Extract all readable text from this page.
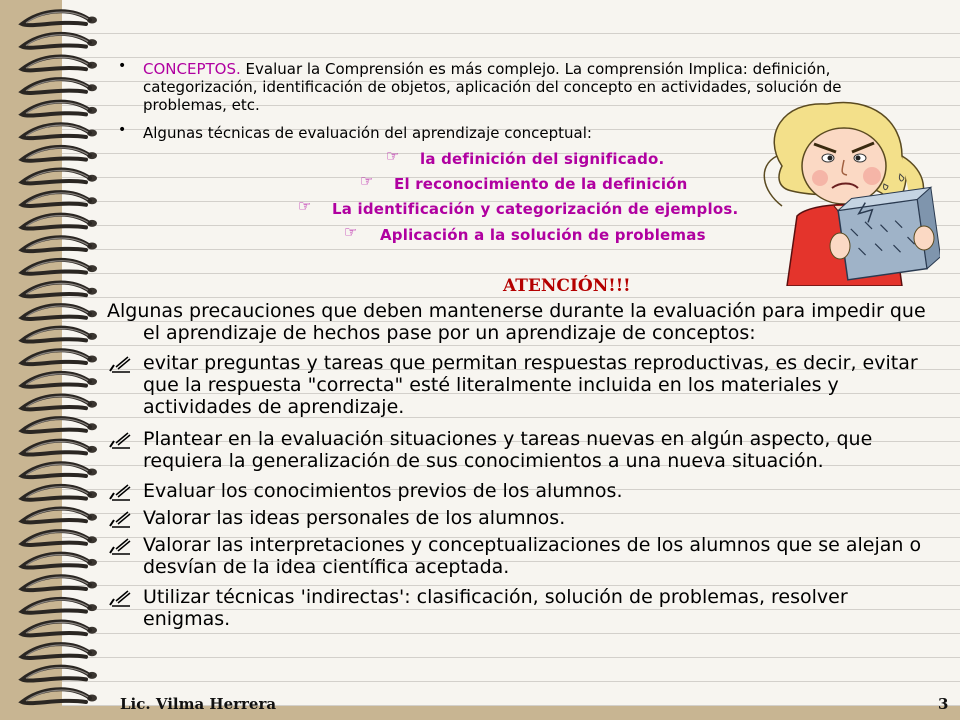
• CONCEPTOS. Evaluar la Comprensión es más complejo. La comprensión Implica: definición,
categorización, identificación de objetos, aplicación del concepto en actividades, solución de
problemas, etc.
• Algunas técnicas de evaluación del aprendizaje conceptual:
☞ la definición del significado.
☞ El reconocimiento de la definición
☞ La identificación y categorización de ejemplos.
☞ Aplicación a la solución de problemas
ATENCIÓN!!!
Algunas precauciones que deben mantenerse durante la evaluación para impedir que
el aprendizaje de hechos pase por un aprendizaje de conceptos:
evitar preguntas y tareas que permitan respuestas reproductivas, es decir, evitar
que la respuesta "correcta" esté literalmente incluida en los materiales y
actividades de aprendizaje.
Plantear en la evaluación situaciones y tareas nuevas en algún aspecto, que
requiera la generalización de sus conocimientos a una nueva situación.
Evaluar los conocimientos previos de los alumnos.
Valorar las ideas personales de los alumnos.
Valorar las interpretaciones y conceptualizaciones de los alumnos que se alejan o
desvían de la idea científica aceptada.
Utilizar técnicas 'indirectas': clasificación, solución de problemas, resolver
enigmas.
Lic. Vilma Herrera	3
